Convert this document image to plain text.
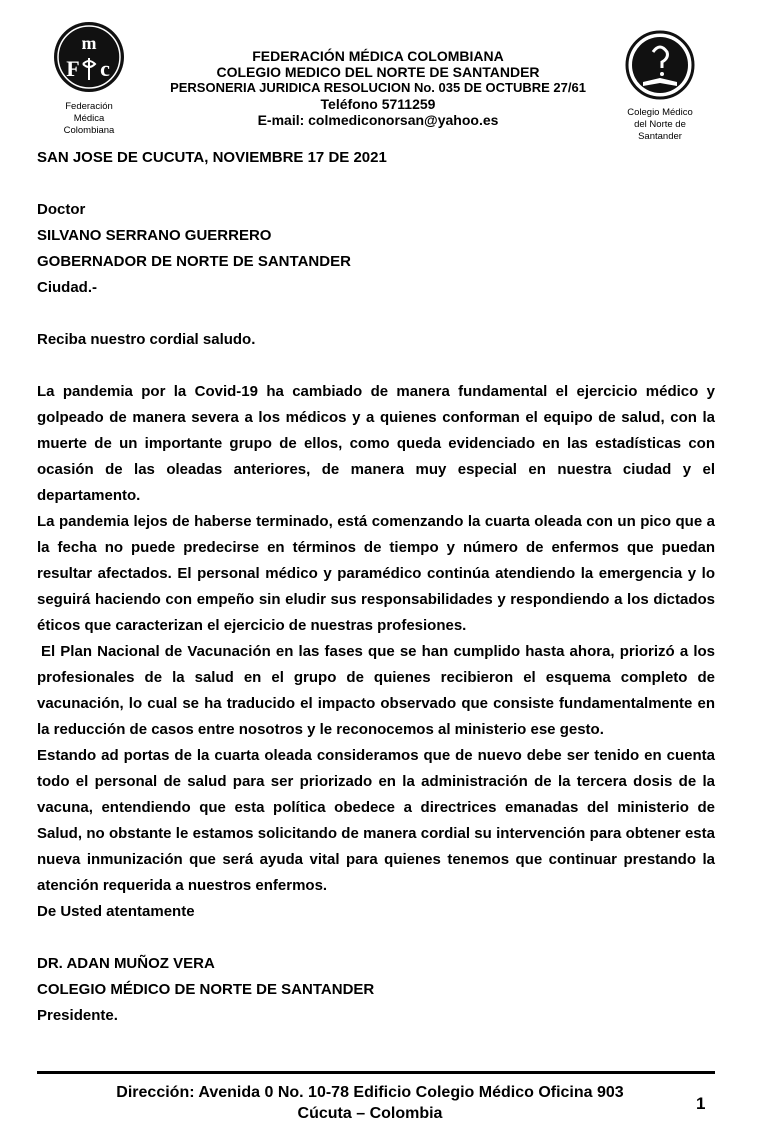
m
F c
Federación
Médica Colombiana
FEDERACIÓN MÉDICA COLOMBIANA
COLEGIO MEDICO DEL NORTE DE SANTANDER
PERSONERIA JURIDICA RESOLUCION No. 035 DE OCTUBRE 27/61
Teléfono 5711259
E-mail: colmediconorsan@yahoo.es	Colegio Médico
del Norte de Santander

SAN JOSE DE CUCUTA, NOVIEMBRE 17 DE 2021

Doctor

SILVANO SERRANO GUERRERO

GOBERNADOR DE NORTE DE SANTANDER

Ciudad.-

Reciba nuestro cordial saludo.

La pandemia por la Covid-19 ha cambiado de manera fundamental el ejercicio médico y golpeado de manera severa a los médicos y a quienes conforman el equipo de salud, con la muerte de un importante grupo de ellos, como queda evidenciado en las estadísticas con ocasión de las oleadas anteriores, de manera muy especial en nuestra ciudad y el departamento.

La pandemia lejos de haberse terminado, está comenzando la cuarta oleada con un pico que a la fecha no puede predecirse en términos de tiempo y número de enfermos que puedan resultar afectados. El personal médico y paramédico continúa atendiendo la emergencia y lo seguirá haciendo con empeño sin eludir sus responsabilidades y respondiendo a los dictados éticos que caracterizan el ejercicio de nuestras profesiones.

El Plan Nacional de Vacunación en las fases que se han cumplido hasta ahora, priorizó a los profesionales de la salud en el grupo de quienes recibieron el esquema completo de vacunación, lo cual se ha traducido el impacto observado que consiste fundamentalmente en la reducción de casos entre nosotros y le reconocemos al ministerio ese gesto.

Estando ad portas de la cuarta oleada consideramos que de nuevo debe ser tenido en cuenta todo el personal de salud para ser priorizado en la administración de la tercera dosis de la vacuna, entendiendo que esta política obedece a directrices emanadas del ministerio de Salud, no obstante le estamos solicitando de manera cordial su intervención para obtener esta nueva inmunización que será ayuda vital para quienes tenemos que continuar prestando la atención requerida a nuestros enfermos.

De Usted atentamente

DR. ADAN MUÑOZ VERA

COLEGIO MÉDICO DE NORTE DE SANTANDER

Presidente.

Dirección: Avenida 0 No. 10-78 Edificio Colegio Médico Oficina 903
Cúcuta – Colombia
1
